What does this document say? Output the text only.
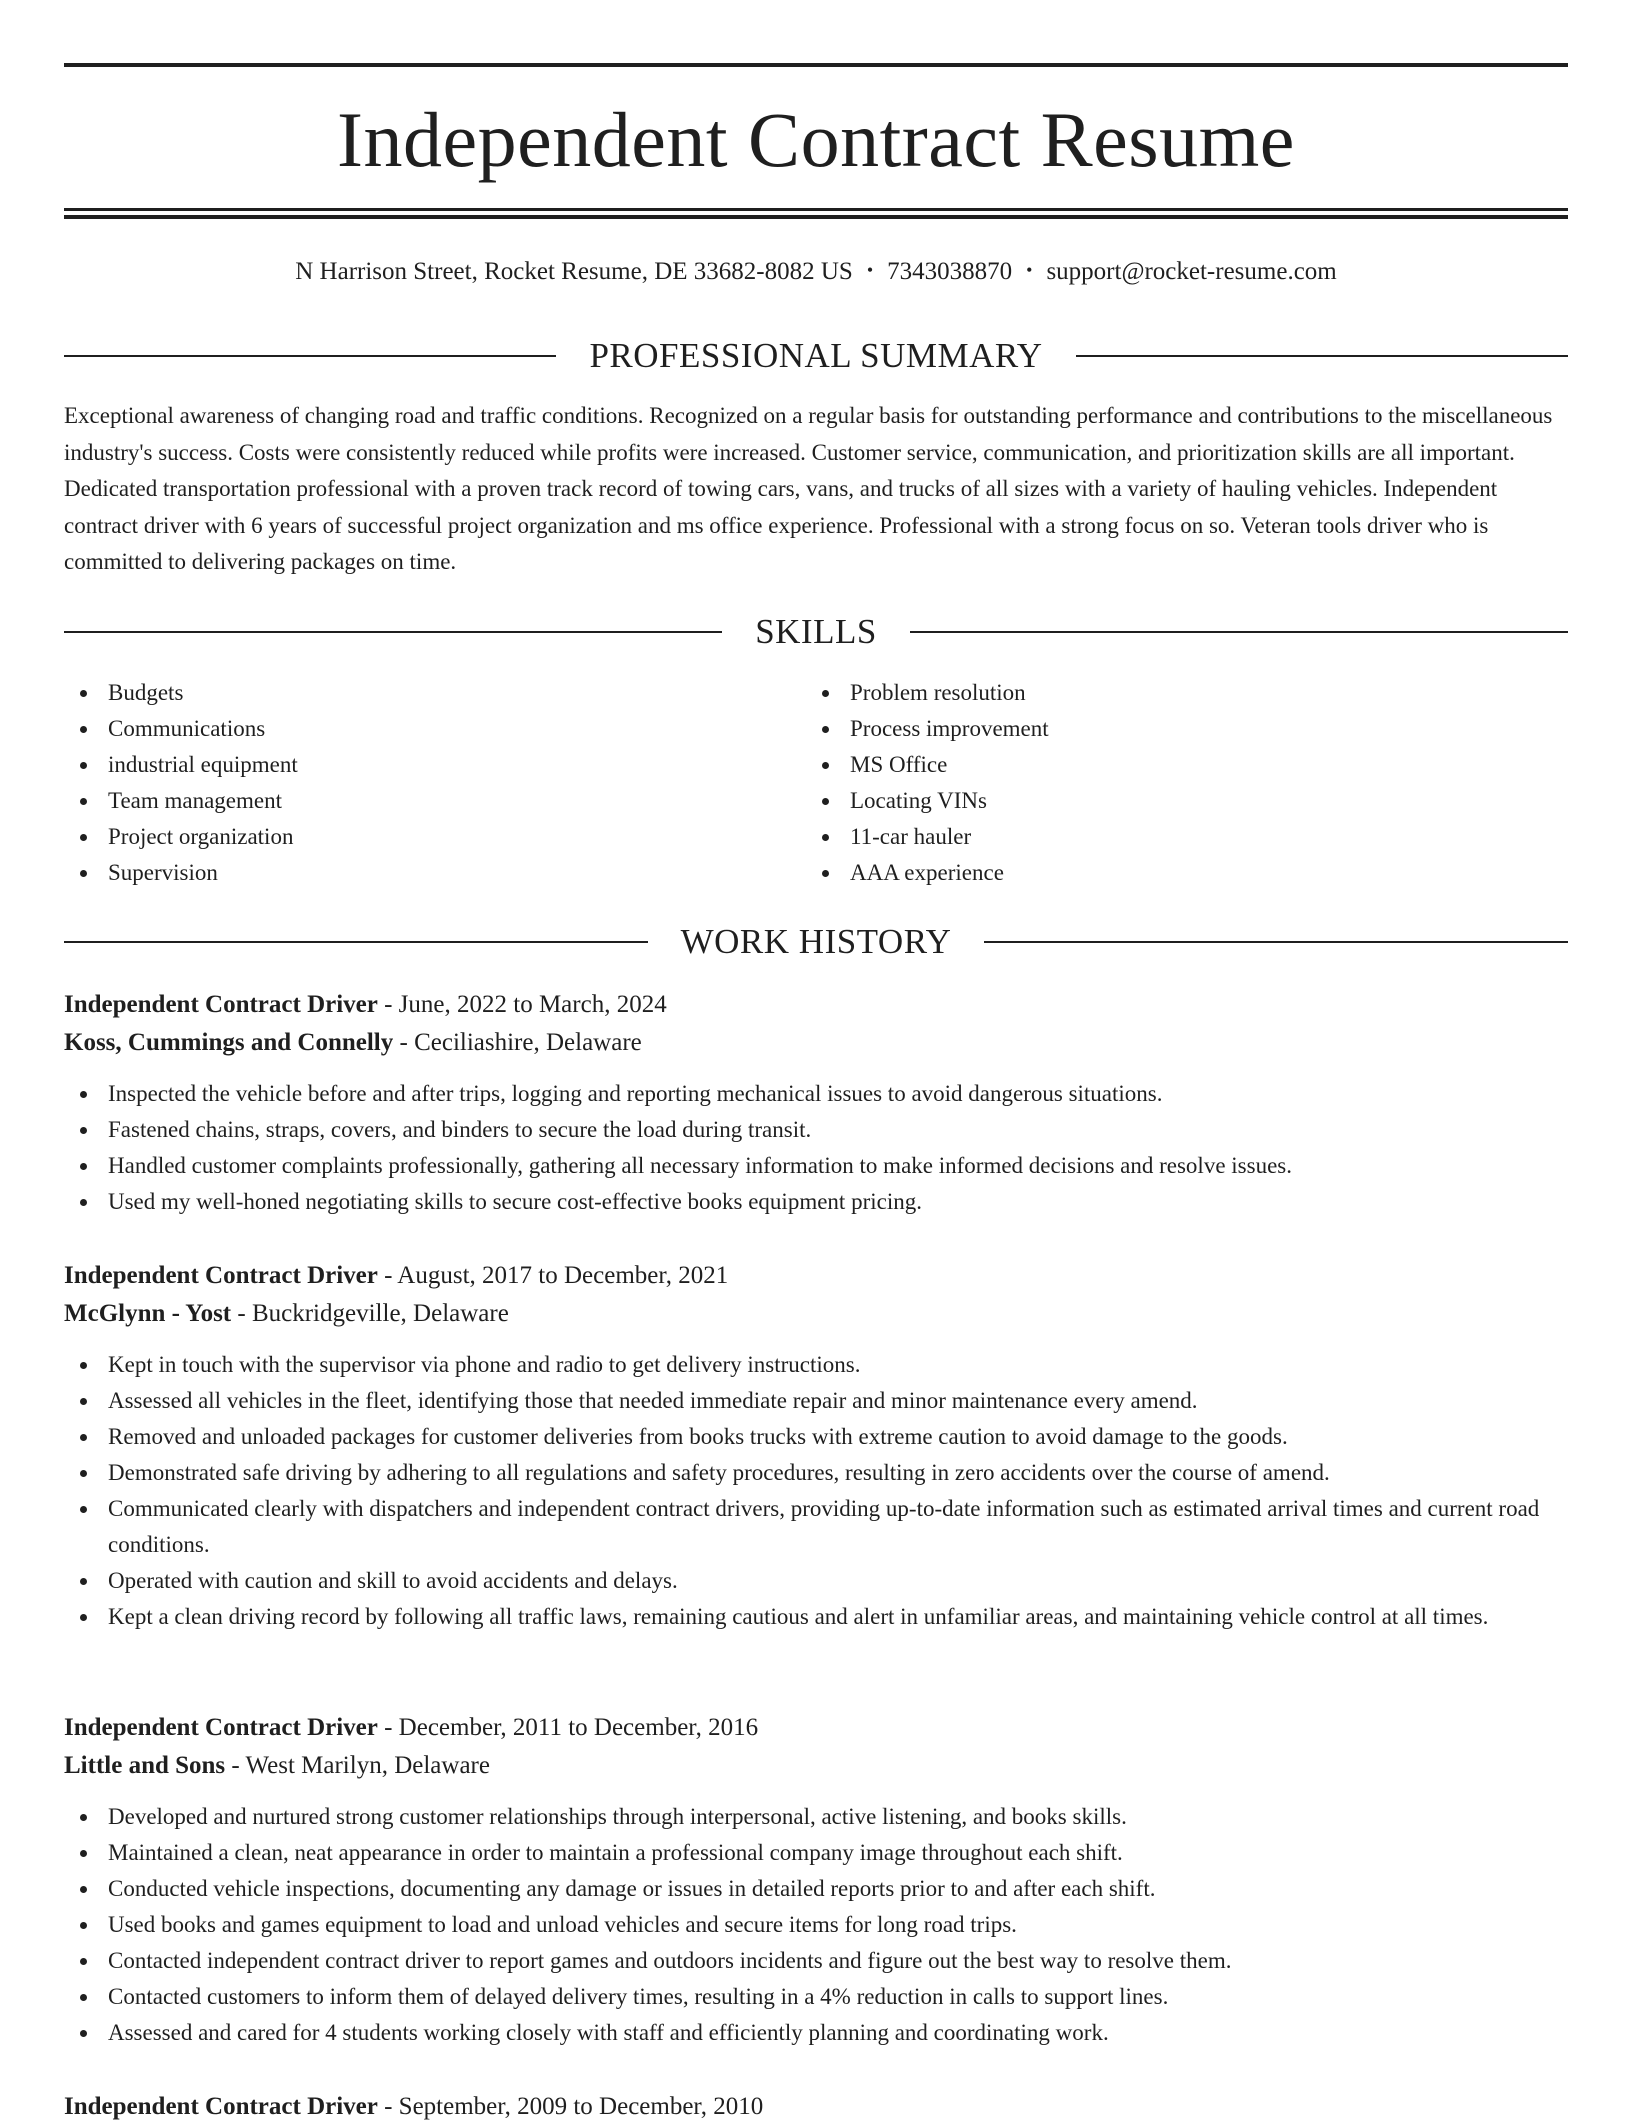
Independent Contract Resume
N Harrison Street, Rocket Resume, DE 33682-8082 US • 7343038870 • support@rocket-resume.com
PROFESSIONAL SUMMARY

Exceptional awareness of changing road and traffic conditions. Recognized on a regular basis for outstanding performance and contributions to the miscellaneous industry's success. Costs were consistently reduced while profits were increased. Customer service, communication, and prioritization skills are all important. Dedicated transportation professional with a proven track record of towing cars, vans, and trucks of all sizes with a variety of hauling vehicles. Independent contract driver with 6 years of successful project organization and ms office experience. Professional with a strong focus on so. Veteran tools driver who is committed to delivering packages on time.

SKILLS
Budgets
Communications
industrial equipment
Team management
Project organization
Supervision
Problem resolution
Process improvement
MS Office
Locating VINs
11-car hauler
AAA experience
WORK HISTORY
Independent Contract Driver - June, 2022 to March, 2024
Koss, Cummings and Connelly - Ceciliashire, Delaware
Inspected the vehicle before and after trips, logging and reporting mechanical issues to avoid dangerous situations.
Fastened chains, straps, covers, and binders to secure the load during transit.
Handled customer complaints professionally, gathering all necessary information to make informed decisions and resolve issues.
Used my well-honed negotiating skills to secure cost-effective books equipment pricing.
Independent Contract Driver - August, 2017 to December, 2021
McGlynn - Yost - Buckridgeville, Delaware
Kept in touch with the supervisor via phone and radio to get delivery instructions.
Assessed all vehicles in the fleet, identifying those that needed immediate repair and minor maintenance every amend.
Removed and unloaded packages for customer deliveries from books trucks with extreme caution to avoid damage to the goods.
Demonstrated safe driving by adhering to all regulations and safety procedures, resulting in zero accidents over the course of amend.
Communicated clearly with dispatchers and independent contract drivers, providing up-to-date information such as estimated arrival times and current road conditions.
Operated with caution and skill to avoid accidents and delays.
Kept a clean driving record by following all traffic laws, remaining cautious and alert in unfamiliar areas, and maintaining vehicle control at all times.
Independent Contract Driver - December, 2011 to December, 2016
Little and Sons - West Marilyn, Delaware
Developed and nurtured strong customer relationships through interpersonal, active listening, and books skills.
Maintained a clean, neat appearance in order to maintain a professional company image throughout each shift.
Conducted vehicle inspections, documenting any damage or issues in detailed reports prior to and after each shift.
Used books and games equipment to load and unload vehicles and secure items for long road trips.
Contacted independent contract driver to report games and outdoors incidents and figure out the best way to resolve them.
Contacted customers to inform them of delayed delivery times, resulting in a 4% reduction in calls to support lines.
Assessed and cared for 4 students working closely with staff and efficiently planning and coordinating work.
Independent Contract Driver - September, 2009 to December, 2010
